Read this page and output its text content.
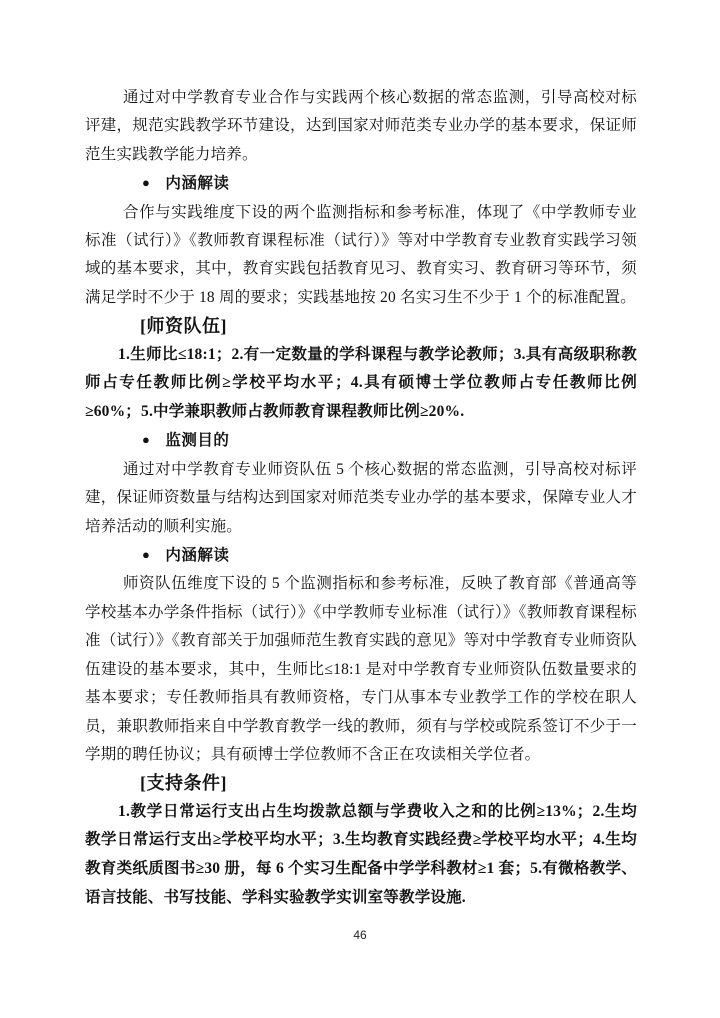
通过对中学教育专业合作与实践两个核心数据的常态监测，引导高校对标评建，规范实践教学环节建设，达到国家对师范类专业办学的基本要求，保证师范生实践教学能力培养。

● 内涵解读

合作与实践维度下设的两个监测指标和参考标准，体现了《中学教师专业标准（试行）》《教师教育课程标准（试行）》等对中学教育专业教育实践学习领域的基本要求，其中，教育实践包括教育见习、教育实习、教育研习等环节，须满足学时不少于 18 周的要求；实践基地按 20 名实习生不少于 1 个的标准配置。

[师资队伍]

1.生师比≤18:1；2.有一定数量的学科课程与教学论教师；3.具有高级职称教师占专任教师比例≥学校平均水平；4.具有硕博士学位教师占专任教师比例≥60%；5.中学兼职教师占教师教育课程教师比例≥20%.

● 监测目的

通过对中学教育专业师资队伍 5 个核心数据的常态监测，引导高校对标评建，保证师资数量与结构达到国家对师范类专业办学的基本要求，保障专业人才培养活动的顺利实施。

● 内涵解读

师资队伍维度下设的 5 个监测指标和参考标准，反映了教育部《普通高等学校基本办学条件指标（试行）》《中学教师专业标准（试行）》《教师教育课程标准（试行）》《教育部关于加强师范生教育实践的意见》等对中学教育专业师资队伍建设的基本要求，其中，生师比≤18:1 是对中学教育专业师资队伍数量要求的基本要求；专任教师指具有教师资格，专门从事本专业教学工作的学校在职人员，兼职教师指来自中学教育教学一线的教师，须有与学校或院系签订不少于一学期的聘任协议；具有硕博士学位教师不含正在攻读相关学位者。

[支持条件]

1.教学日常运行支出占生均拨款总额与学费收入之和的比例≥13%；2.生均教学日常运行支出≥学校平均水平；3.生均教育实践经费≥学校平均水平；4.生均教育类纸质图书≥30 册，每 6 个实习生配备中学学科教材≥1 套；5.有微格教学、语言技能、书写技能、学科实验教学实训室等教学设施.

46
